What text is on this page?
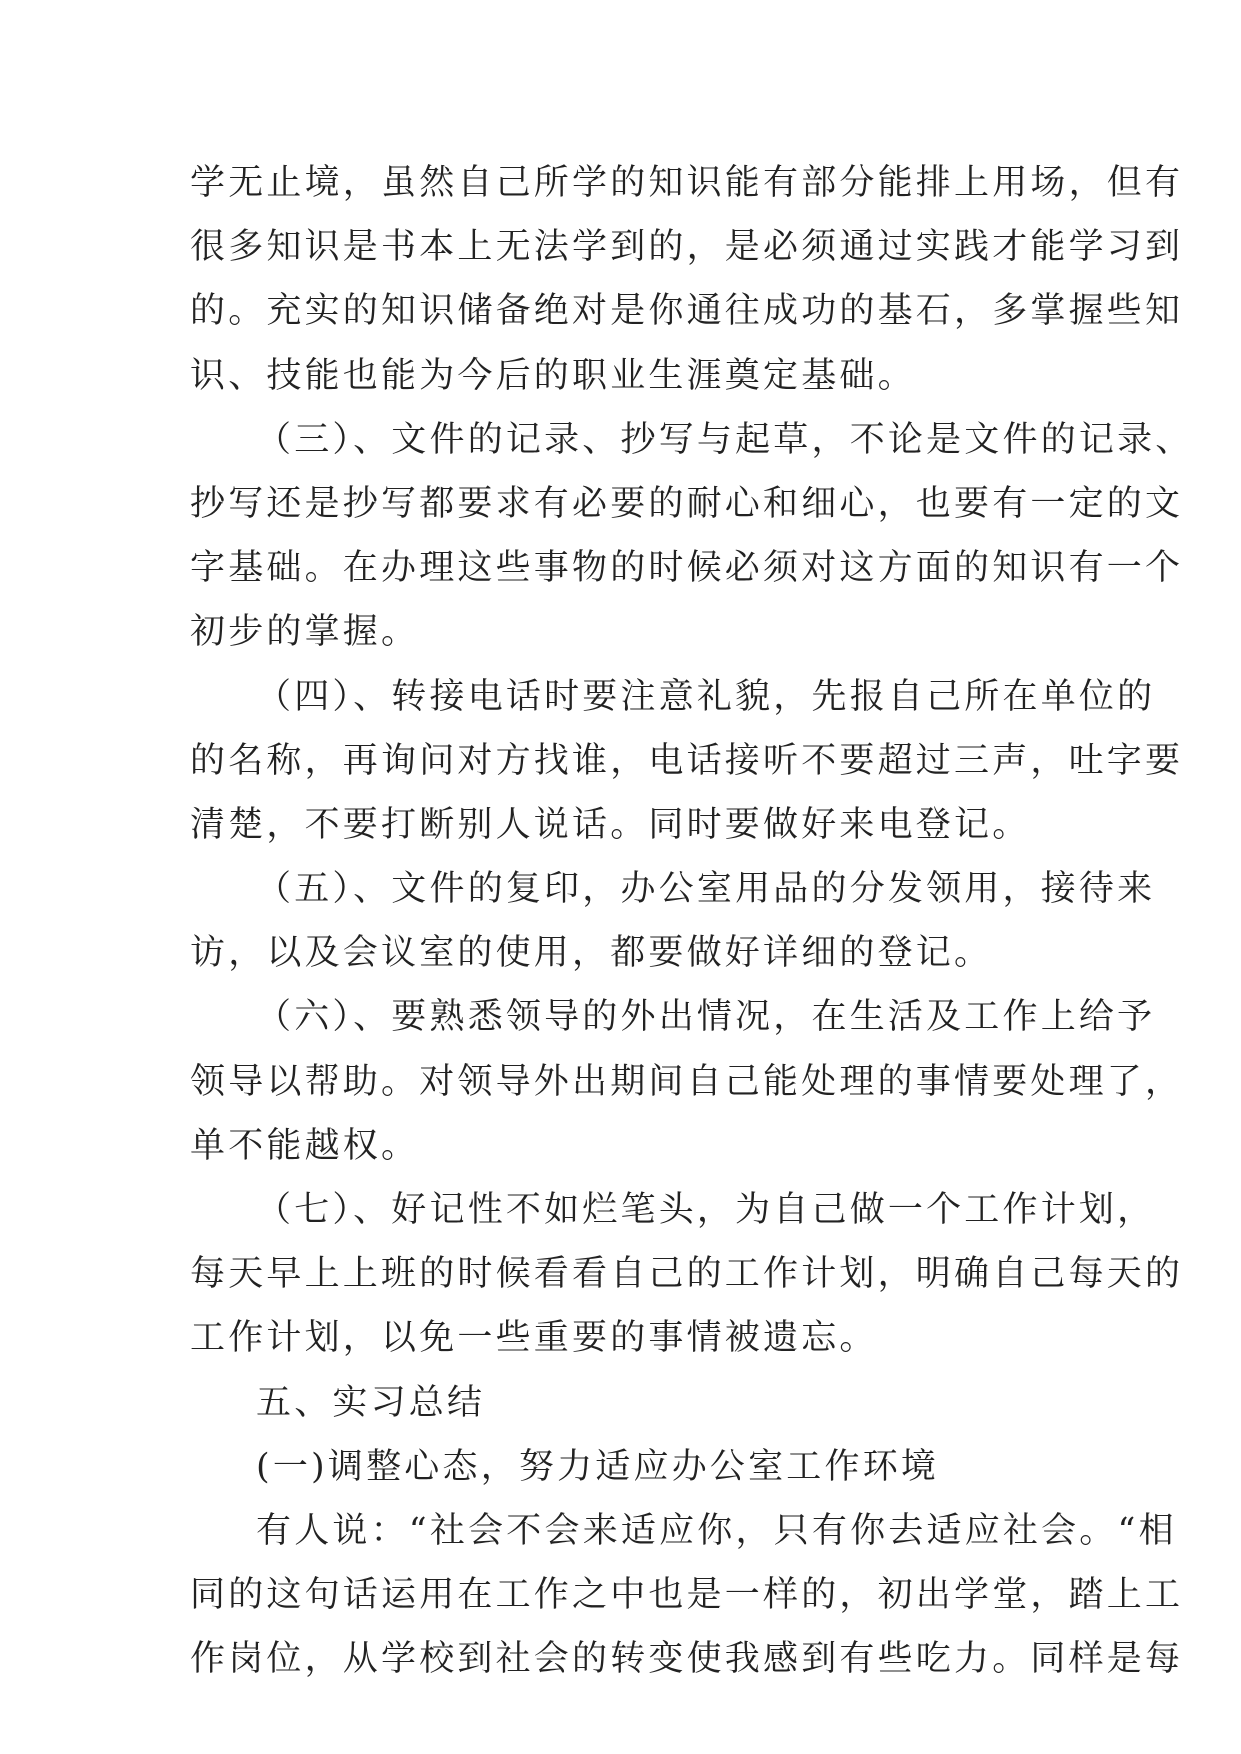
学无止境，虽然自己所学的知识能有部分能排上用场，但有
很多知识是书本上无法学到的，是必须通过实践才能学习到
的。充实的知识储备绝对是你通往成功的基石，多掌握些知
识、技能也能为今后的职业生涯奠定基础。
（三）、文件的记录、抄写与起草，不论是文件的记录、
抄写还是抄写都要求有必要的耐心和细心，也要有一定的文
字基础。在办理这些事物的时候必须对这方面的知识有一个
初步的掌握。
（四）、转接电话时要注意礼貌，先报自己所在单位的
的名称，再询问对方找谁，电话接听不要超过三声，吐字要
清楚，不要打断别人说话。同时要做好来电登记。
（五）、文件的复印，办公室用品的分发领用，接待来
访，以及会议室的使用，都要做好详细的登记。
（六）、要熟悉领导的外出情况，在生活及工作上给予
领导以帮助。对领导外出期间自己能处理的事情要处理了，
单不能越权。
（七）、好记性不如烂笔头，为自己做一个工作计划，
每天早上上班的时候看看自己的工作计划，明确自己每天的
工作计划，以免一些重要的事情被遗忘。
五、实习总结
(一)调整心态，努力适应办公室工作环境
有人说：“社会不会来适应你，只有你去适应社会。“相
同的这句话运用在工作之中也是一样的，初出学堂，踏上工
作岗位，从学校到社会的转变使我感到有些吃力。同样是每
